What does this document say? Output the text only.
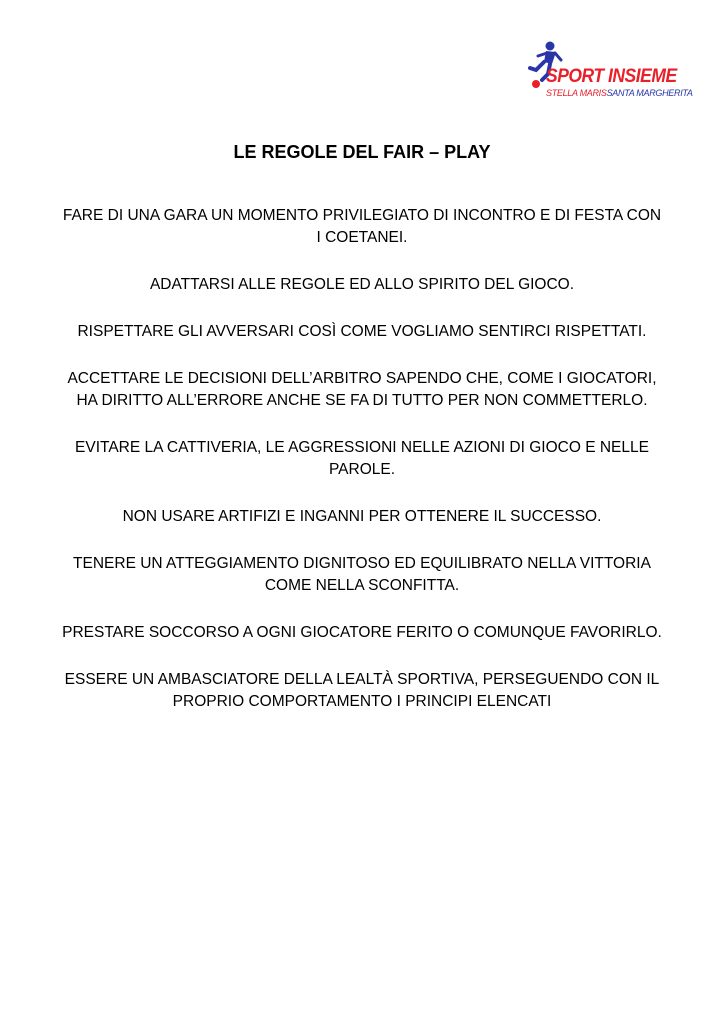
SPORT INSIEME
STELLA MARISSANTA MARGHERITA
LE REGOLE DEL FAIR – PLAY
FARE DI UNA GARA UN MOMENTO PRIVILEGIATO DI INCONTRO E DI FESTA CON I COETANEI.
ADATTARSI ALLE REGOLE ED ALLO SPIRITO DEL GIOCO.
RISPETTARE GLI AVVERSARI COSÌ COME VOGLIAMO SENTIRCI RISPETTATI.
ACCETTARE LE DECISIONI DELL’ARBITRO SAPENDO CHE, COME I GIOCATORI, HA DIRITTO ALL’ERRORE ANCHE SE FA DI TUTTO PER NON COMMETTERLO.
EVITARE LA CATTIVERIA, LE AGGRESSIONI NELLE AZIONI DI GIOCO E NELLE PAROLE.
NON USARE ARTIFIZI E INGANNI PER OTTENERE IL SUCCESSO.
TENERE UN ATTEGGIAMENTO DIGNITOSO ED EQUILIBRATO NELLA VITTORIA COME NELLA SCONFITTA.
PRESTARE SOCCORSO A OGNI GIOCATORE FERITO O COMUNQUE FAVORIRLO.
ESSERE UN AMBASCIATORE DELLA LEALTÀ SPORTIVA, PERSEGUENDO CON IL PROPRIO COMPORTAMENTO I PRINCIPI ELENCATI
